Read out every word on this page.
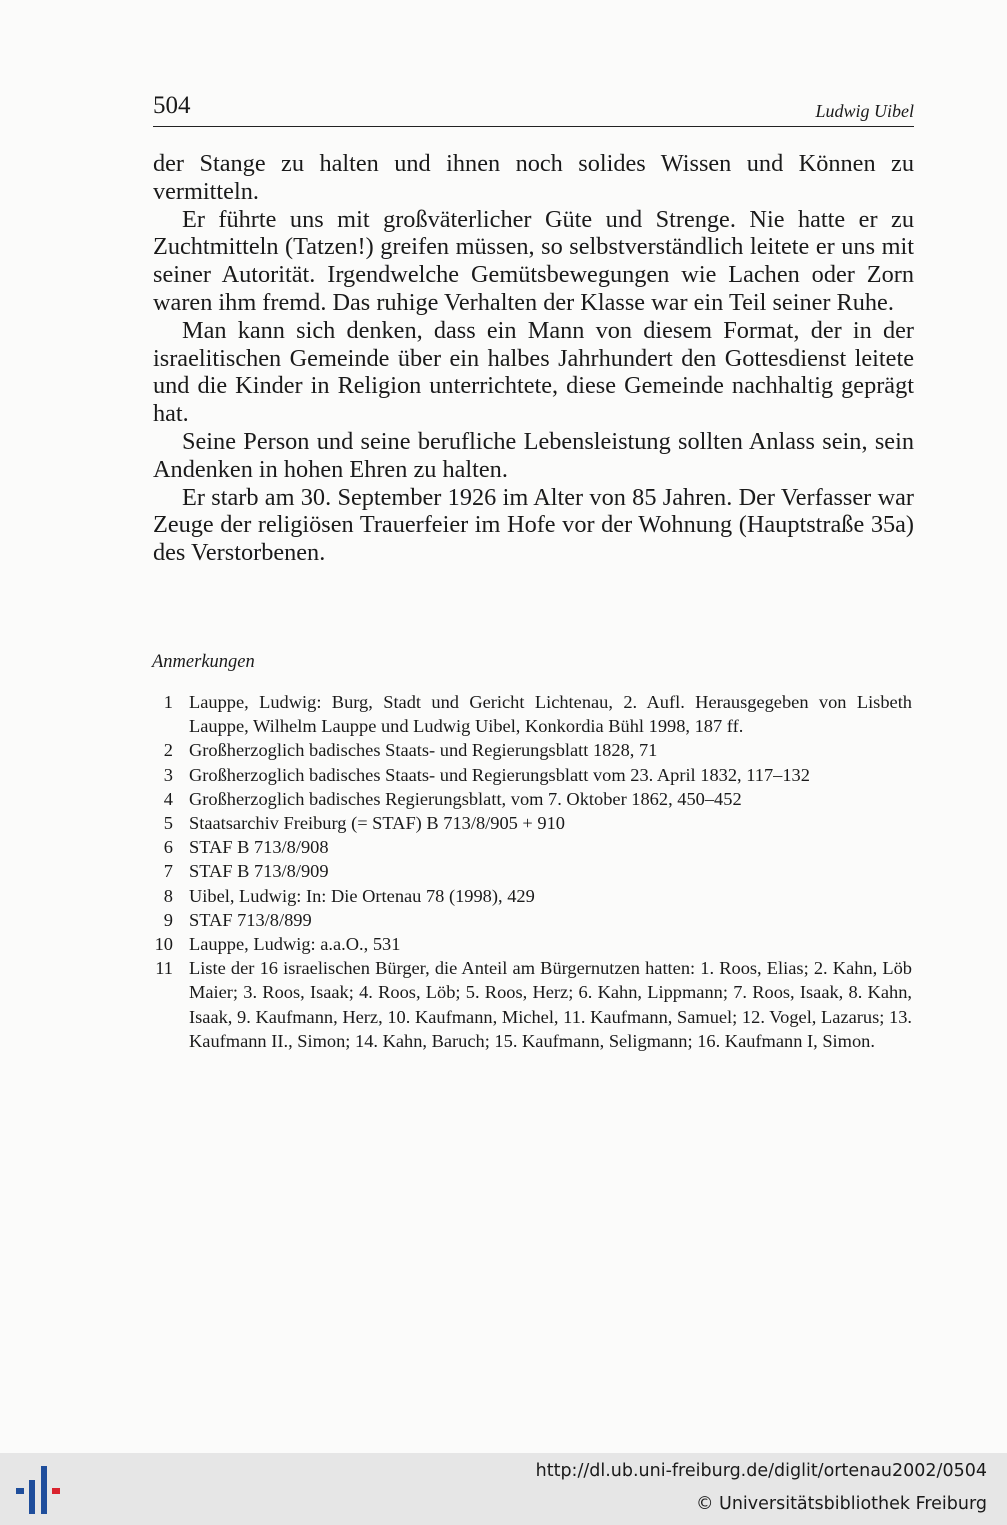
504	Ludwig Uibel

der Stange zu halten und ihnen noch solides Wissen und Können zu vermitteln.

Er führte uns mit großväterlicher Güte und Strenge. Nie hatte er zu Zuchtmitteln (Tatzen!) greifen müssen, so selbstverständlich leitete er uns mit seiner Autorität. Irgendwelche Gemütsbewegungen wie Lachen oder Zorn waren ihm fremd. Das ruhige Verhalten der Klasse war ein Teil seiner Ruhe.

Man kann sich denken, dass ein Mann von diesem Format, der in der israelitischen Gemeinde über ein halbes Jahrhundert den Gottesdienst leitete und die Kinder in Religion unterrichtete, diese Gemeinde nachhaltig geprägt hat.

Seine Person und seine berufliche Lebensleistung sollten Anlass sein, sein Andenken in hohen Ehren zu halten.

Er starb am 30. September 1926 im Alter von 85 Jahren. Der Verfasser war Zeuge der religiösen Trauerfeier im Hofe vor der Wohnung (Hauptstraße 35a) des Verstorbenen.

Anmerkungen
1 Lauppe, Ludwig: Burg, Stadt und Gericht Lichtenau, 2. Aufl. Herausgegeben von Lisbeth Lauppe, Wilhelm Lauppe und Ludwig Uibel, Konkordia Bühl 1998, 187 ff.
2 Großherzoglich badisches Staats- und Regierungsblatt 1828, 71
3 Großherzoglich badisches Staats- und Regierungsblatt vom 23. April 1832, 117–132
4 Großherzoglich badisches Regierungsblatt, vom 7. Oktober 1862, 450–452
5 Staatsarchiv Freiburg (= STAF) B 713/8/905 + 910
6 STAF B 713/8/908
7 STAF B 713/8/909
8 Uibel, Ludwig: In: Die Ortenau 78 (1998), 429
9 STAF 713/8/899
10 Lauppe, Ludwig: a.a.O., 531
11 Liste der 16 israelischen Bürger, die Anteil am Bürgernutzen hatten: 1. Roos, Elias; 2. Kahn, Löb Maier; 3. Roos, Isaak; 4. Roos, Löb; 5. Roos, Herz; 6. Kahn, Lippmann; 7. Roos, Isaak, 8. Kahn, Isaak, 9. Kaufmann, Herz, 10. Kaufmann, Michel, 11. Kaufmann, Samuel; 12. Vogel, Lazarus; 13. Kaufmann II., Simon; 14. Kahn, Baruch; 15. Kaufmann, Seligmann; 16. Kaufmann I, Simon.
http://dl.ub.uni-freiburg.de/diglit/ortenau2002/0504
© Universitätsbibliothek Freiburg
